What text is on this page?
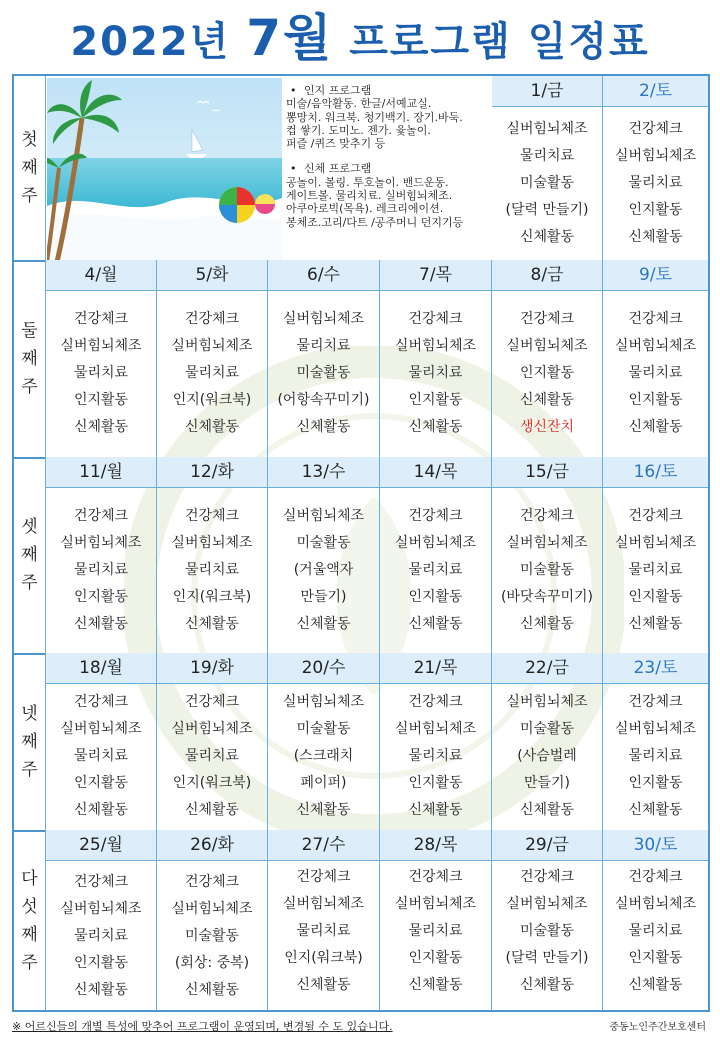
2022년 7월 프로그램 일정표
• 인지 프로그램
미술/음악활동. 한글/서예교실.
뽕망치. 워크북. 청기백기. 장기.바둑.
컵 쌓기. 도미노. 젠가. 윷놀이.
퍼즐 /퀴즈 맞추기 등
• 신체 프로그램
공놀이. 볼링. 투호놀이. 밴드운동.
게이트볼. 물리치료. 실버힘뇌체조.
아쿠아로빅(목욕). 레크리에이션.
봉체조.고리/다트 /공주머니 던지기등
첫
째
주
둘
째
주
셋
째
주
넷
째
주
다
섯
째
주
1/금
실버힘뇌체조
물리치료
미술활동
(달력 만들기)
신체활동
2/토
건강체크
실버힘뇌체조
물리치료
인지활동
신체활동
4/월
건강체크
실버힘뇌체조
물리치료
인지활동
신체활동
5/화
건강체크
실버힘뇌체조
물리치료
인지(워크북)
신체활동
6/수
실버힘뇌체조
물리치료
미술활동
(어항속꾸미기)
신체활동
7/목
건강체크
실버힘뇌체조
물리치료
인지활동
신체활동
8/금
건강체크
실버힘뇌체조
인지활동
신체활동
생신잔치
9/토
건강체크
실버힘뇌체조
물리치료
인지활동
신체활동
11/월
건강체크
실버힘뇌체조
물리치료
인지활동
신체활동
12/화
건강체크
실버힘뇌체조
물리치료
인지(워크북)
신체활동
13/수
실버힘뇌체조
미술활동
(거울액자
만들기)
신체활동
14/목
건강체크
실버힘뇌체조
물리치료
인지활동
신체활동
15/금
건강체크
실버힘뇌체조
미술활동
(바닷속꾸미기)
신체활동
16/토
건강체크
실버힘뇌체조
물리치료
인지활동
신체활동
18/월
건강체크
실버힘뇌체조
물리치료
인지활동
신체활동
19/화
건강체크
실버힘뇌체조
물리치료
인지(워크북)
신체활동
20/수
실버힘뇌체조
미술활동
(스크래치
페이퍼)
신체활동
21/목
건강체크
실버힘뇌체조
물리치료
인지활동
신체활동
22/금
실버힘뇌체조
미술활동
(사슴벌레
만들기)
신체활동
23/토
건강체크
실버힘뇌체조
물리치료
인지활동
신체활동
25/월
건강체크
실버힘뇌체조
물리치료
인지활동
신체활동
26/화
건강체크
실버힘뇌체조
미술활동
(회상: 중복)
신체활동
27/수
건강체크
실버힘뇌체조
물리치료
인지(워크북)
신체활동
28/목
건강체크
실버힘뇌체조
물리치료
인지활동
신체활동
29/금
건강체크
실버힘뇌체조
미술활동
(달력 만들기)
신체활동
30/토
건강체크
실버힘뇌체조
물리치료
인지활동
신체활동
※ 어르신들의 개별 특성에 맞추어 프로그램이 운영되며, 변경될 수 도 있습니다.	중동노인주간보호센터
